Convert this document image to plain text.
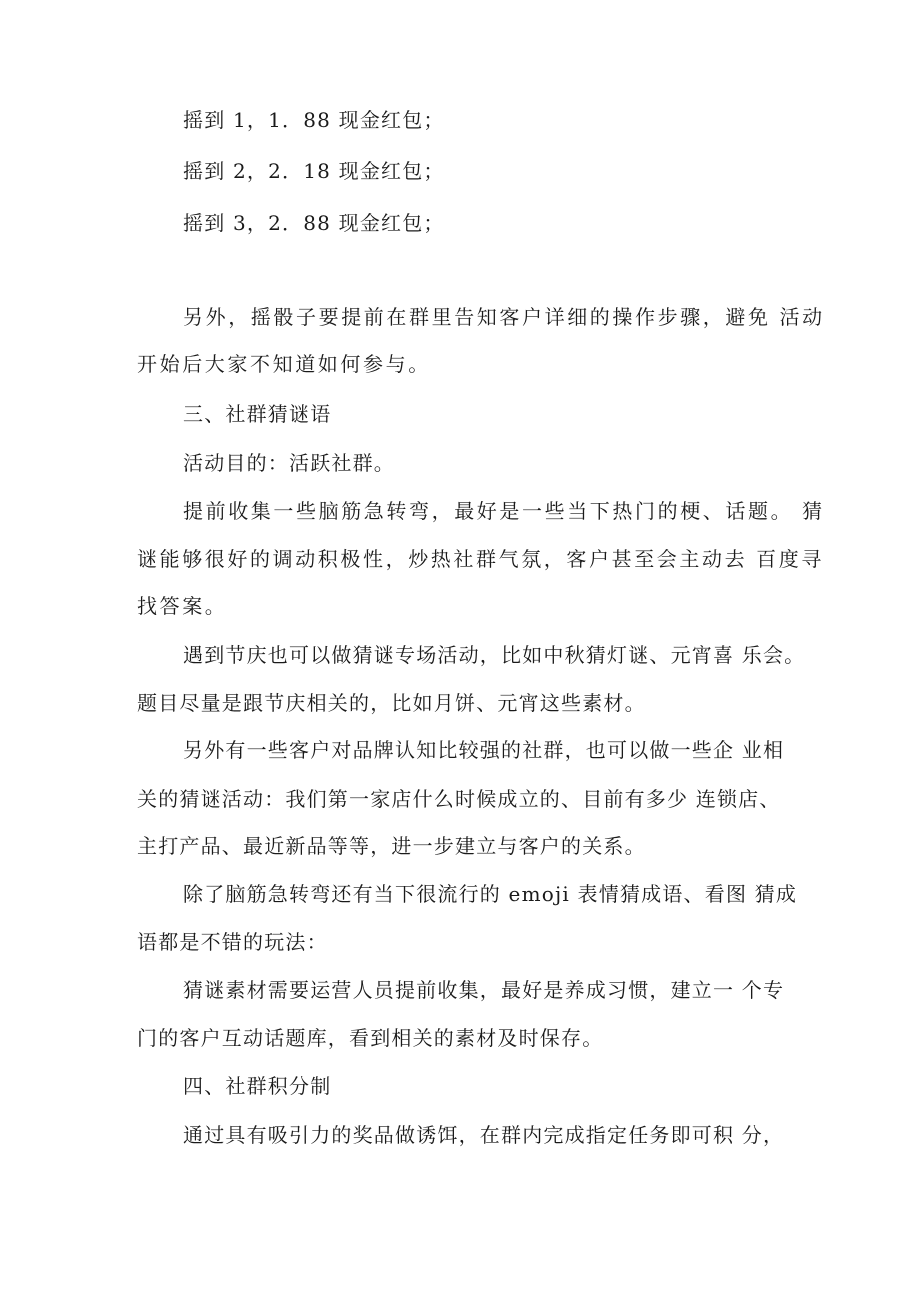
摇到 1，1．88 现金红包；
摇到 2，2．18 现金红包；
摇到 3，2．88 现金红包；
另外，摇骰子要提前在群里告知客户详细的操作步骤，避免 活动
开始后大家不知道如何参与。
三、社群猜谜语
活动目的：活跃社群。
提前收集一些脑筋急转弯，最好是一些当下热门的梗、话题。 猜
谜能够很好的调动积极性，炒热社群气氛，客户甚至会主动去 百度寻
找答案。
遇到节庆也可以做猜谜专场活动，比如中秋猜灯谜、元宵喜 乐会。
题目尽量是跟节庆相关的，比如月饼、元宵这些素材。
另外有一些客户对品牌认知比较强的社群，也可以做一些企 业相
关的猜谜活动：我们第一家店什么时候成立的、目前有多少 连锁店、
主打产品、最近新品等等，进一步建立与客户的关系。
除了脑筋急转弯还有当下很流行的 emoji 表情猜成语、看图 猜成
语都是不错的玩法：
猜谜素材需要运营人员提前收集，最好是养成习惯，建立一 个专
门的客户互动话题库，看到相关的素材及时保存。
四、社群积分制
通过具有吸引力的奖品做诱饵，在群内完成指定任务即可积 分，
